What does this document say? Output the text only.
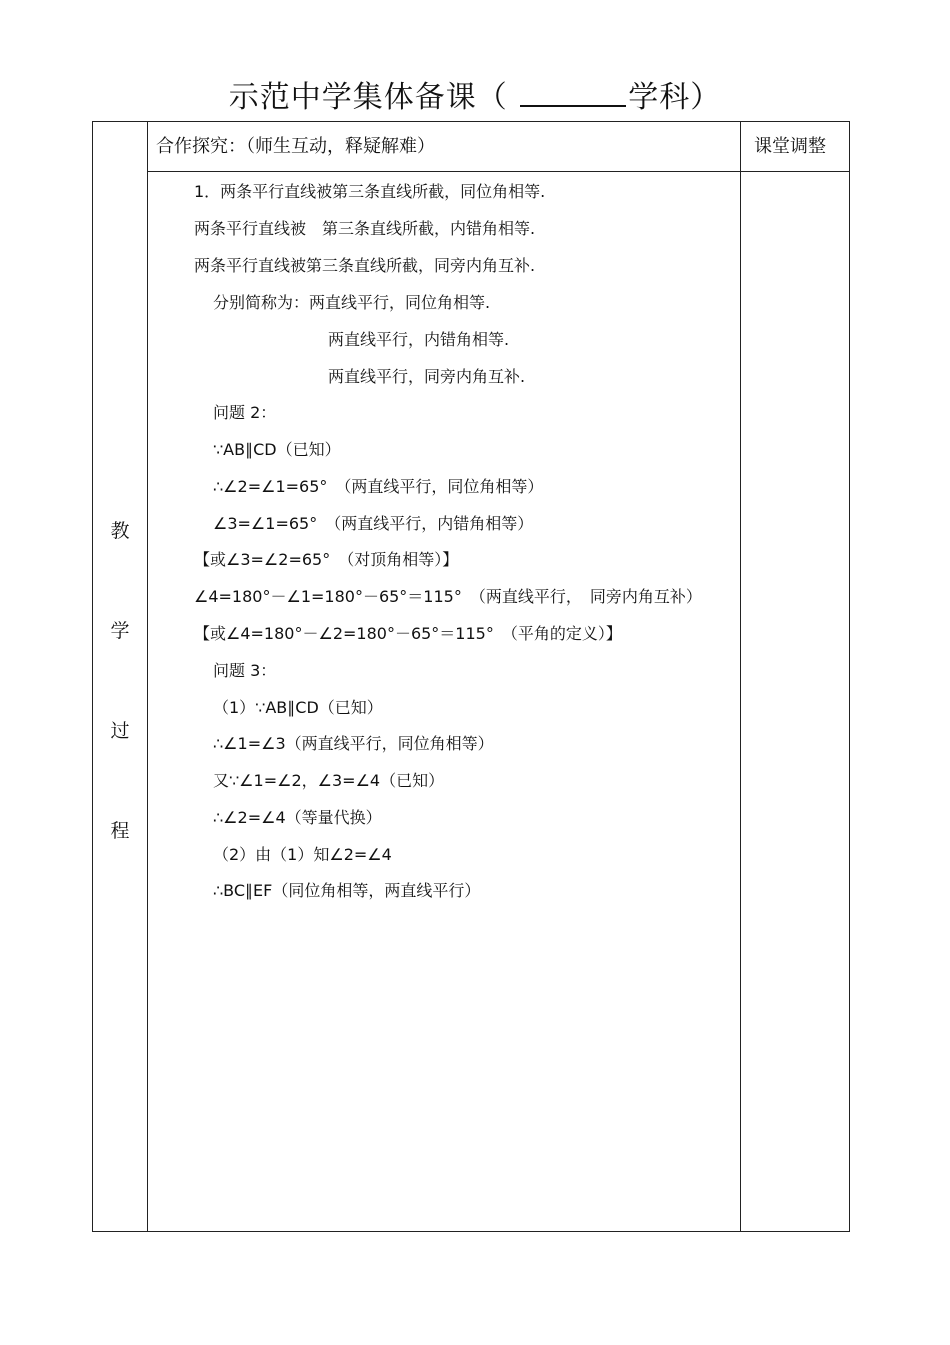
示范中学集体备课（	学科）
教
学
过
程
合作探究：（师生互动，释疑解难）	课堂调整
1．两条平行直线被第三条直线所截，同位角相等.
两条平行直线被　第三条直线所截，内错角相等.
两条平行直线被第三条直线所截，同旁内角互补.
分别简称为：两直线平行，同位角相等.
两直线平行，内错角相等.
两直线平行，同旁内角互补.
问题 2：
∵AB∥CD（已知）
∴∠2=∠1=65°　（两直线平行，同位角相等）
∠3=∠1=65°　（两直线平行，内错角相等）
【或∠3=∠2=65°　（对顶角相等）】
∠4=180°－∠1=180°－65°＝115°　（两直线平行，　同旁内角互补）
【或∠4=180°－∠2=180°－65°＝115°　（平角的定义）】
问题 3：
（1）∵AB∥CD（已知）
∴∠1=∠3（两直线平行，同位角相等）
又∵∠1=∠2，∠3=∠4（已知）
∴∠2=∠4（等量代换）
（2）由（1）知∠2=∠4
∴BC∥EF（同位角相等，两直线平行）
